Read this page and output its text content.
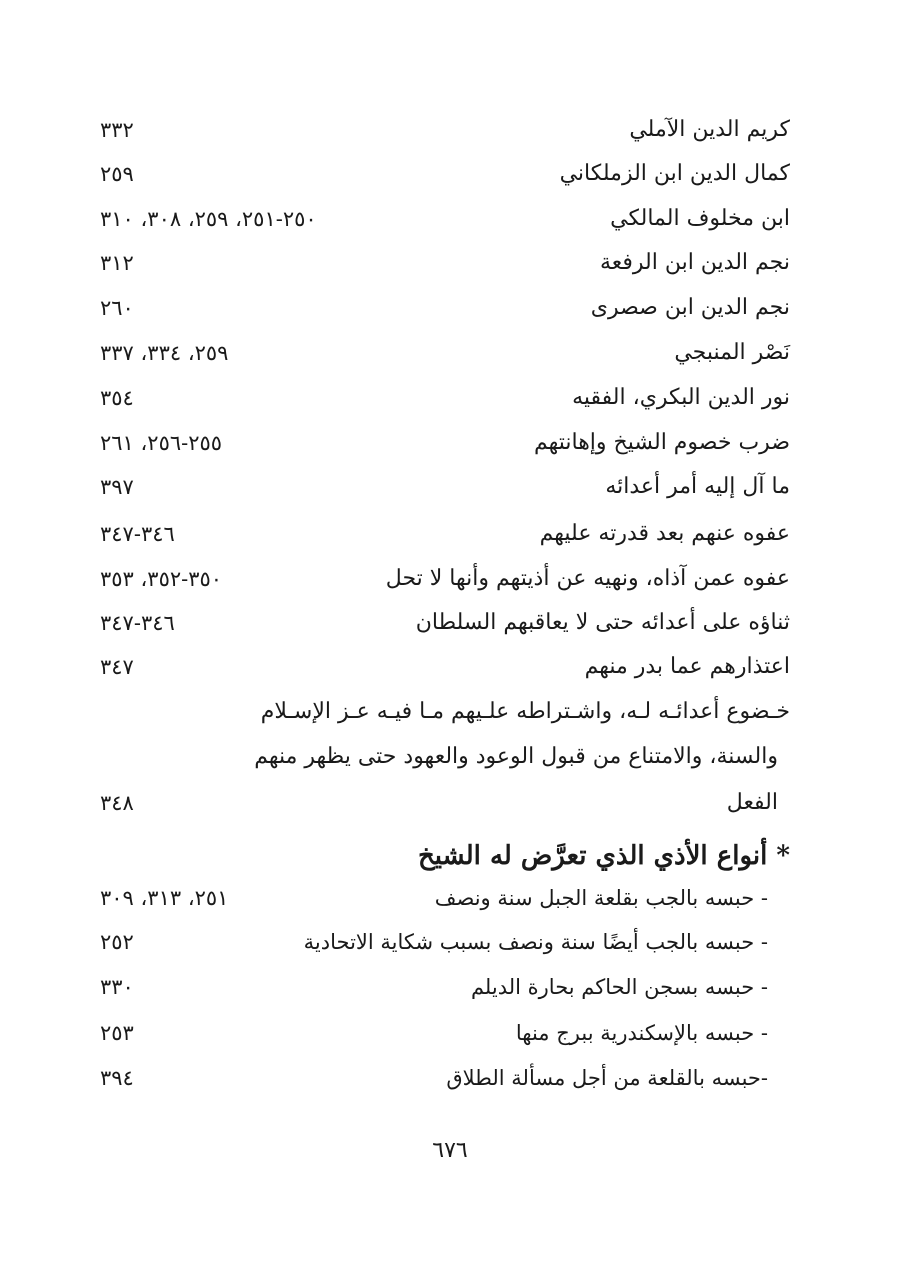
كريم الدين الآملي
٣٣٢
كمال الدين ابن الزملكاني
٢٥٩
ابن مخلوف المالكي
٢٥٠-٢٥١، ٢٥٩، ٣٠٨، ٣١٠
نجم الدين ابن الرفعة
٣١٢
نجم الدين ابن صصرى
٢٦٠
نَصْر المنبجي
٢٥٩، ٣٣٤، ٣٣٧
نور الدين البكري، الفقيه
٣٥٤
ضرب خصوم الشيخ وإهانتهم
٢٥٥-٢٥٦، ٢٦١
ما آل إليه أمر أعدائه
٣٩٧
عفوه عنهم بعد قدرته عليهم
٣٤٦-٣٤٧
عفوه عمن آذاه، ونهيه عن أذيتهم وأنها لا تحل
٣٥٠-٣٥٢، ٣٥٣
ثناؤه على أعدائه حتى لا يعاقبهم السلطان
٣٤٦-٣٤٧
اعتذارهم عما بدر منهم
٣٤٧
خـضوع أعدائـه لـه، واشـتراطه علـيهم مـا فيـه عـز الإسـلام
والسنة، والامتناع من قبول الوعود والعهود حتى يظهر منهم
الفعل
٣٤٨
* أنواع الأذي الذي تعرَّض له الشيخ
- حبسه بالجب بقلعة الجبل سنة ونصف
٢٥١، ٣١٣، ٣٠٩
- حبسه بالجب أيضًا سنة ونصف بسبب شكاية الاتحادية
٢٥٢
- حبسه بسجن الحاكم بحارة الديلم
٣٣٠
- حبسه بالإسكندرية ببرج منها
٢٥٣
-حبسه بالقلعة من أجل مسألة الطلاق
٣٩٤
٦٧٦
